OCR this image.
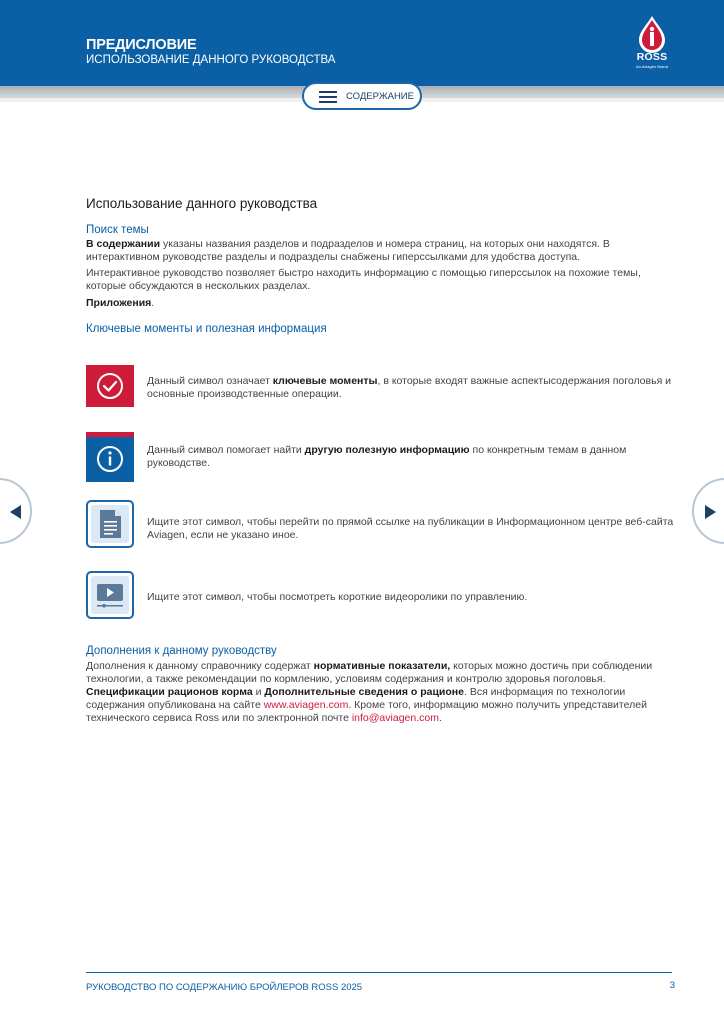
ПРЕДИСЛОВИЕ
ИСПОЛЬЗОВАНИЕ ДАННОГО РУКОВОДСТВА	ROSS
An Aviagen Brand
СОДЕРЖАНИЕ
Использование данного руководства
Поиск темы

В содержании указаны названия разделов и подразделов и номера страниц, на которых они находятся. В интерактивном руководстве разделы и подразделы снабжены гиперссылками для удобства доступа.

Интерактивное руководство позволяет быстро находить информацию с помощью гиперссылок на похожие темы, которые обсуждаются в нескольких разделах.

Приложения.

Ключевые моменты и полезная информация
Данный символ означает ключевые моменты, в которые входят важные аспектысодержания поголовья и основные производственные операции.
Данный символ помогает найти другую полезную информацию по конкретным темам в данном руководстве.
Ищите этот символ, чтобы перейти по прямой ссылке на публикации в Информационном центре веб-сайта Aviagen, если не указано иное.
Ищите этот символ, чтобы посмотреть короткие видеоролики по управлению.
Дополнения к данному руководству

Дополнения к данному справочнику содержат нормативные показатели, которых можно достичь при соблюдении технологии, а также рекомендации по кормлению, условиям содержания и контролю здоровья поголовья. Спецификации рационов корма и Дополнительные сведения о рационе. Вся информация по технологии содержания опубликована на сайте www.aviagen.com. Кроме того, информацию можно получить упредставителей технического сервиса Ross или по электронной почте info@aviagen.com.

РУКОВОДСТВО ПО СОДЕРЖАНИЮ БРОЙЛЕРОВ ROSS 2025	3
